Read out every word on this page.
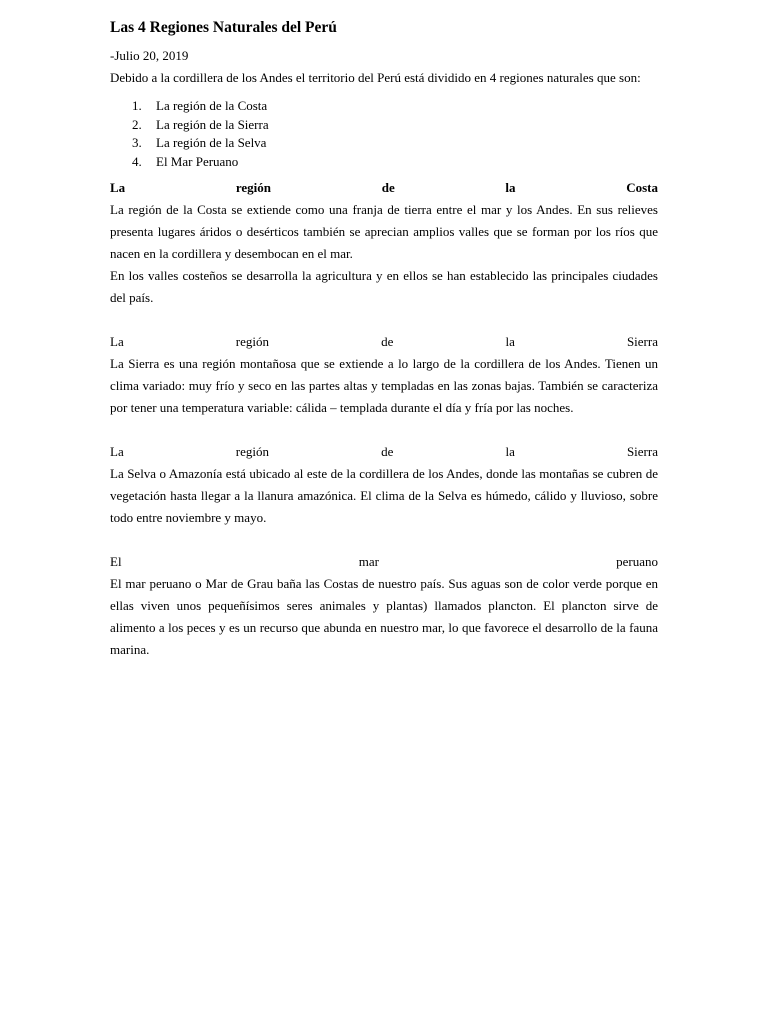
Las 4 Regiones Naturales del Perú

-Julio 20, 2019

Debido a la cordillera de los Andes el territorio del Perú está dividido en 4 regiones naturales que son:

1.	La región de la Costa
2.	La región de la Sierra
3.	La región de la Selva
4.	El Mar Peruano

La región de la Costa

La región de la Costa se extiende como una franja de tierra entre el mar y los Andes. En sus relieves presenta lugares áridos o desérticos también se aprecian amplios valles que se forman por los ríos que nacen en la cordillera y desembocan en el mar.

En los valles costeños se desarrolla la agricultura y en ellos se han establecido las principales ciudades del país.

La región de la Sierra

La Sierra es una región montañosa que se extiende a lo largo de la cordillera de los Andes. Tienen un clima variado: muy frío y seco en las partes altas y templadas en las zonas bajas. También se caracteriza por tener una temperatura variable: cálida – templada durante el día y fría por las noches.

La región de la Sierra

La Selva o Amazonía está ubicado al este de la cordillera de los Andes, donde las montañas se cubren de vegetación hasta llegar a la llanura amazónica. El clima de la Selva es húmedo, cálido y lluvioso, sobre todo entre noviembre y mayo.

El mar peruano

El mar peruano o Mar de Grau baña las Costas de nuestro país. Sus aguas son de color verde porque en ellas viven unos pequeñísimos seres animales y plantas) llamados plancton. El plancton sirve de alimento a los peces y es un recurso que abunda en nuestro mar, lo que favorece el desarrollo de la fauna marina.
